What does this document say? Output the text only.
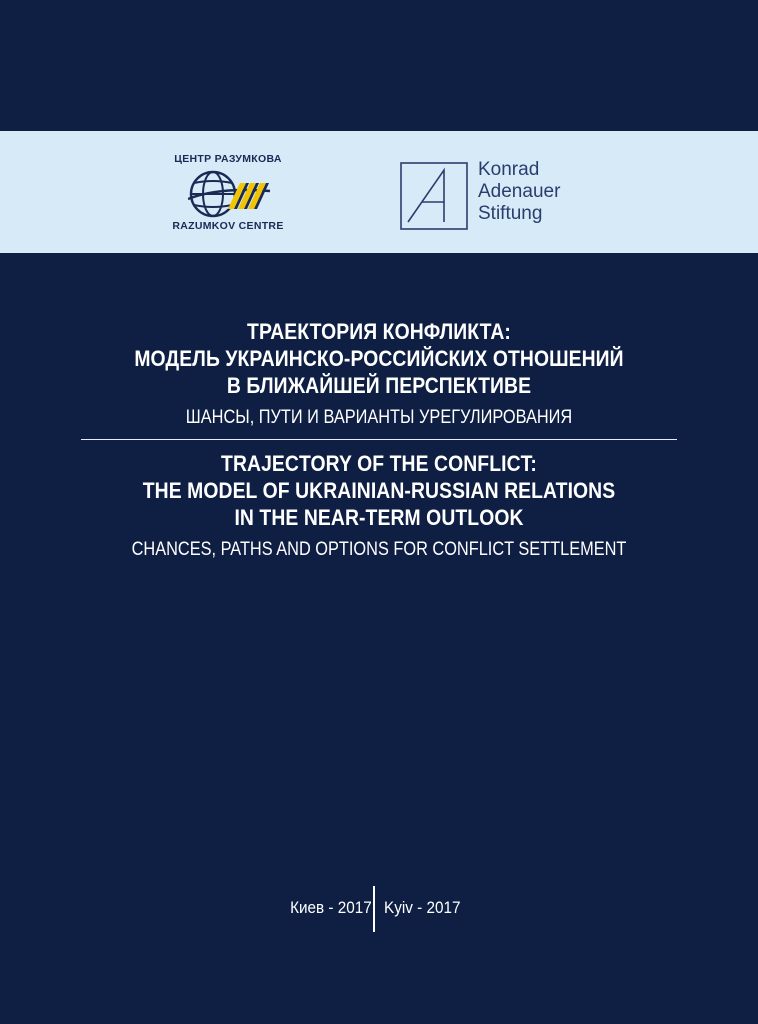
ЦЕНТР РАЗУМКОВА
RAZUMKOV CENTRE
Konrad
Adenauer
Stiftung
ТРАЕКТОРИЯ КОНФЛИКТА:
МОДЕЛЬ УКРАИНСКО-РОССИЙСКИХ ОТНОШЕНИЙ
В БЛИЖАЙШЕЙ ПЕРСПЕКТИВЕ
ШАНСЫ, ПУТИ И ВАРИАНТЫ УРЕГУЛИРОВАНИЯ
TRAJECTORY OF THE CONFLICT:
THE MODEL OF UKRAINIAN-RUSSIAN RELATIONS
IN THE NEAR-TERM OUTLOOK
CHANCES, PATHS AND OPTIONS FOR CONFLICT SETTLEMENT
Киев - 2017 Kyiv - 2017
